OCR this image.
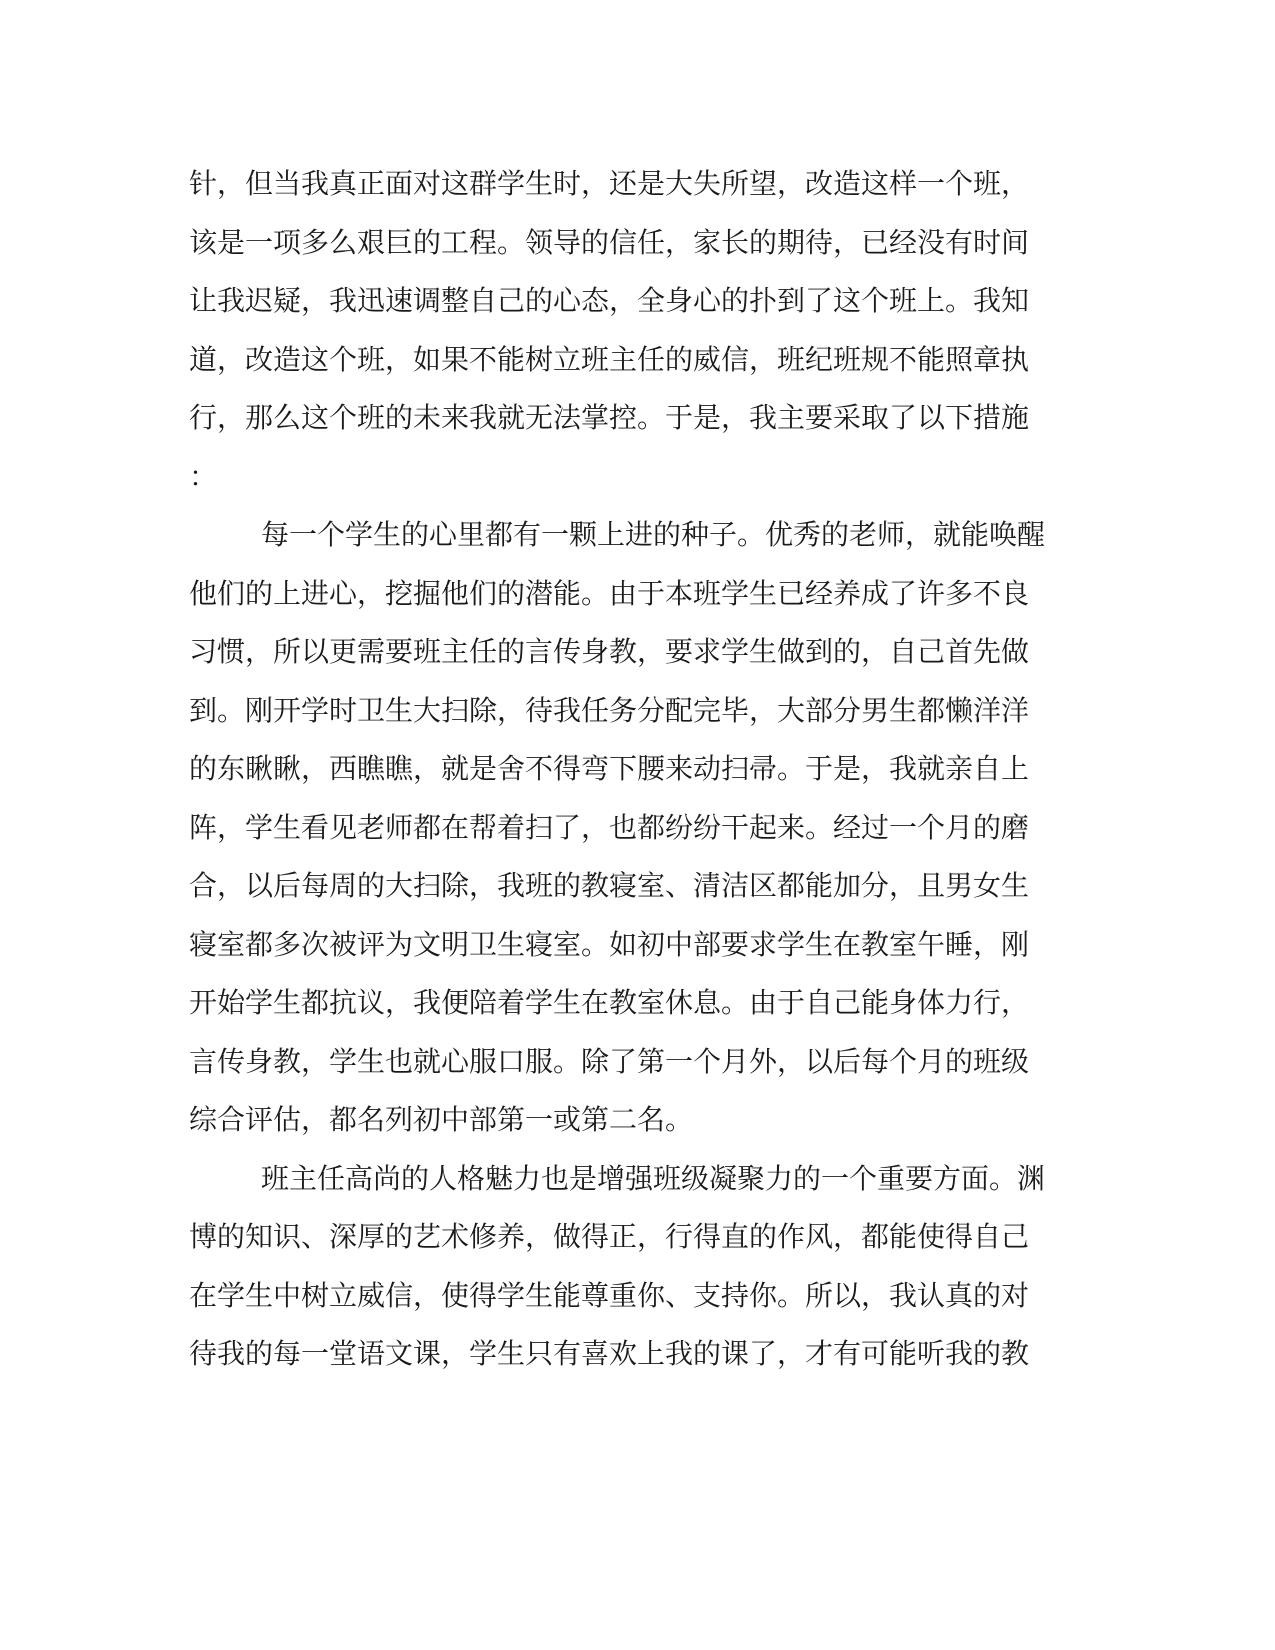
针，但当我真正面对这群学生时，还是大失所望，改造这样一个班，
该是一项多么艰巨的工程。领导的信任，家长的期待，已经没有时间
让我迟疑，我迅速调整自己的心态，全身心的扑到了这个班上。我知
道，改造这个班，如果不能树立班主任的威信，班纪班规不能照章执
行，那么这个班的未来我就无法掌控。于是，我主要采取了以下措施
：
每一个学生的心里都有一颗上进的种子。优秀的老师，就能唤醒
他们的上进心，挖掘他们的潜能。由于本班学生已经养成了许多不良
习惯，所以更需要班主任的言传身教，要求学生做到的，自己首先做
到。刚开学时卫生大扫除，待我任务分配完毕，大部分男生都懒洋洋
的东瞅瞅，西瞧瞧，就是舍不得弯下腰来动扫帚。于是，我就亲自上
阵，学生看见老师都在帮着扫了，也都纷纷干起来。经过一个月的磨
合，以后每周的大扫除，我班的教寝室、清洁区都能加分，且男女生
寝室都多次被评为文明卫生寝室。如初中部要求学生在教室午睡，刚
开始学生都抗议，我便陪着学生在教室休息。由于自己能身体力行，
言传身教，学生也就心服口服。除了第一个月外，以后每个月的班级
综合评估，都名列初中部第一或第二名。
班主任高尚的人格魅力也是增强班级凝聚力的一个重要方面。渊
博的知识、深厚的艺术修养，做得正，行得直的作风，都能使得自己
在学生中树立威信，使得学生能尊重你、支持你。所以，我认真的对
待我的每一堂语文课，学生只有喜欢上我的课了，才有可能听我的教
